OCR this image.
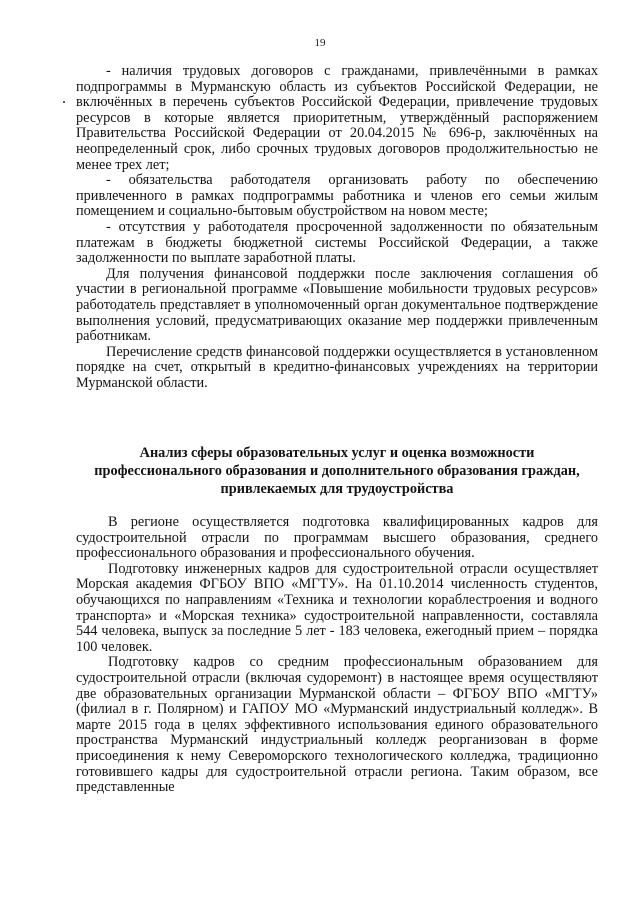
19

- наличия трудовых договоров с гражданами, привлечёнными в рамках подпрограммы в Мурманскую область из субъектов Российской Федерации, не включённых в перечень субъектов Российской Федерации, привлечение трудовых ресурсов в которые является приоритетным, утверждённый распоряжением Правительства Российской Федерации от 20.04.2015 № 696-р, заключённых на неопределенный срок, либо срочных трудовых договоров продолжительностью не менее трех лет;

- обязательства работодателя организовать работу по обеспечению привлеченного в рамках подпрограммы работника и членов его семьи жилым помещением и социально-бытовым обустройством на новом месте;

- отсутствия у работодателя просроченной задолженности по обязательным платежам в бюджеты бюджетной системы Российской Федерации, а также задолженности по выплате заработной платы.

Для получения финансовой поддержки после заключения соглашения об участии в региональной программе «Повышение мобильности трудовых ресурсов» работодатель представляет в уполномоченный орган документальное подтверждение выполнения условий, предусматривающих оказание мер поддержки привлеченным работникам.

Перечисление средств финансовой поддержки осуществляется в установленном порядке на счет, открытый в кредитно-финансовых учреждениях на территории Мурманской области.

Анализ сферы образовательных услуг и оценка возможности профессионального образования и дополнительного образования граждан, привлекаемых для трудоустройства

В регионе осуществляется подготовка квалифицированных кадров для судостроительной отрасли по программам высшего образования, среднего профессионального образования и профессионального обучения.

Подготовку инженерных кадров для судостроительной отрасли осуществляет Морская академия ФГБОУ ВПО «МГТУ». На 01.10.2014 численность студентов, обучающихся по направлениям «Техника и технологии кораблестроения и водного транспорта» и «Морская техника» судостроительной направленности, составляла 544 человека, выпуск за последние 5 лет - 183 человека, ежегодный прием – порядка 100 человек.

Подготовку кадров со средним профессиональным образованием для судостроительной отрасли (включая судоремонт) в настоящее время осуществляют две образовательных организации Мурманской области – ФГБОУ ВПО «МГТУ» (филиал в г. Полярном) и ГАПОУ МО «Мурманский индустриальный колледж». В марте 2015 года в целях эффективного использования единого образовательного пространства Мурманский индустриальный колледж реорганизован в форме присоединения к нему Североморского технологического колледжа, традиционно готовившего кадры для судостроительной отрасли региона. Таким образом, все представленные
